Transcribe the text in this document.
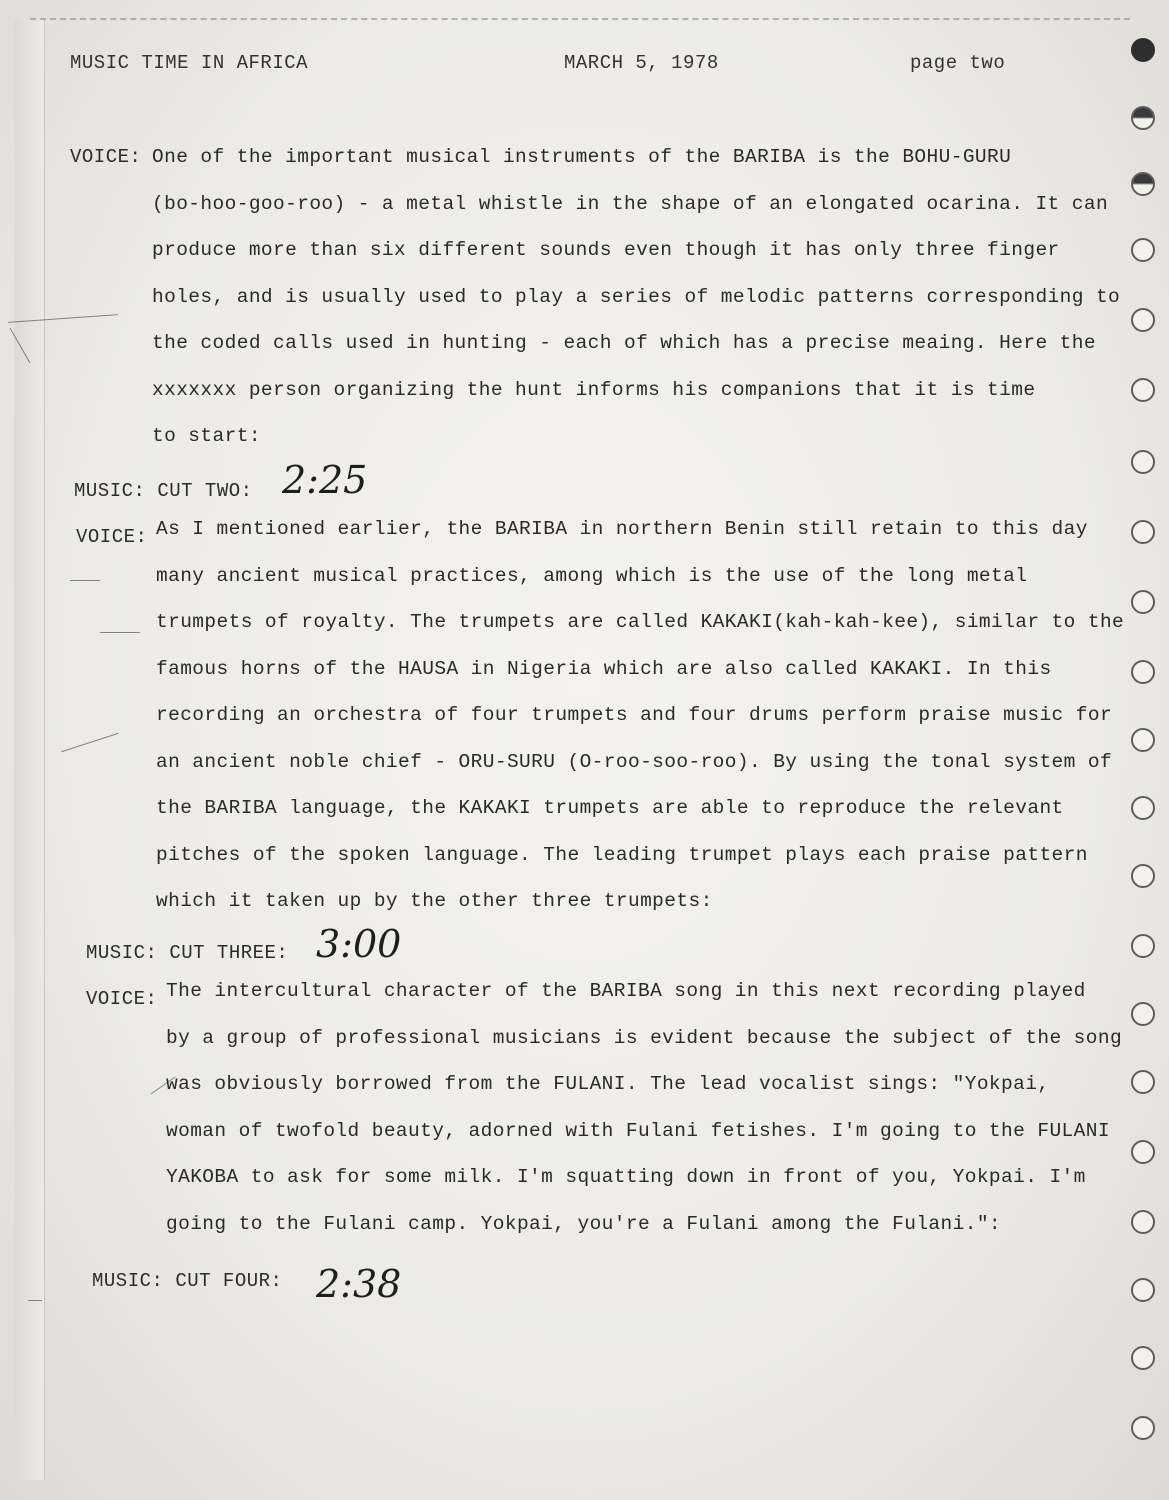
MUSIC TIME IN AFRICA	MARCH 5, 1978	page two
VOICE: One of the important musical instruments of the BARIBA is the BOHU-GURU
(bo-hoo-goo-roo) - a metal whistle in the shape of an elongated ocarina. It can
produce more than six different sounds even though it has only three finger
holes, and is usually used to play a series of melodic patterns corresponding to
the coded calls used in hunting - each of which has a precise meaing. Here the
xxxxxxx person organizing the hunt informs his companions that it is time
to start:
MUSIC: CUT TWO: 2:25
VOICE: As I mentioned earlier, the BARIBA in northern Benin still retain to this day
many ancient musical practices, among which is the use of the long metal
trumpets of royalty. The trumpets are called KAKAKI(kah-kah-kee), similar to the
famous horns of the HAUSA in Nigeria which are also called KAKAKI. In this
recording an orchestra of four trumpets and four drums perform praise music for
an ancient noble chief - ORU-SURU (O-roo-soo-roo). By using the tonal system of
the BARIBA language, the KAKAKI trumpets are able to reproduce the relevant
pitches of the spoken language. The leading trumpet plays each praise pattern
which it taken up by the other three trumpets:
MUSIC: CUT THREE: 3:00
VOICE: The intercultural character of the BARIBA song in this next recording played
by a group of professional musicians is evident because the subject of the song
was obviously borrowed from the FULANI. The lead vocalist sings: "Yokpai,
woman of twofold beauty, adorned with Fulani fetishes. I'm going to the FULANI
YAKOBA to ask for some milk. I'm squatting down in front of you, Yokpai. I'm
going to the Fulani camp. Yokpai, you're a Fulani among the Fulani.":
MUSIC: CUT FOUR: 2:38
